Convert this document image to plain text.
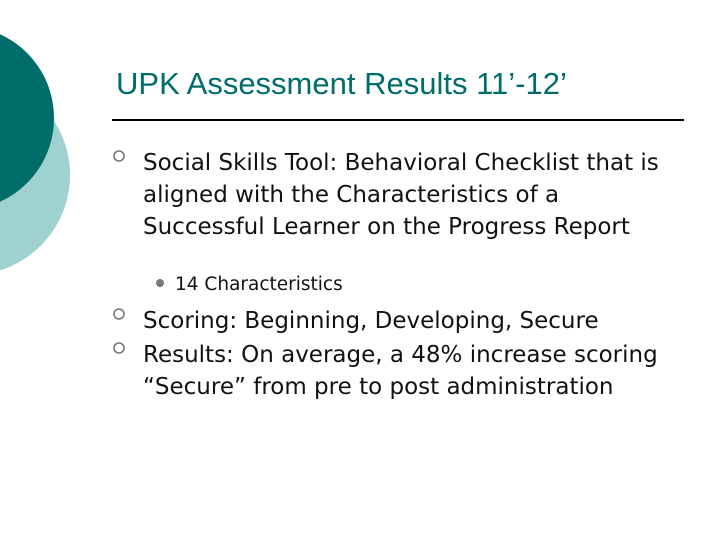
UPK Assessment Results 11’-12’
Social Skills Tool: Behavioral Checklist that is aligned with the Characteristics of a Successful Learner on the Progress Report
14 Characteristics
Scoring: Beginning, Developing, Secure
Results: On average, a 48% increase scoring “Secure” from pre to post administration
